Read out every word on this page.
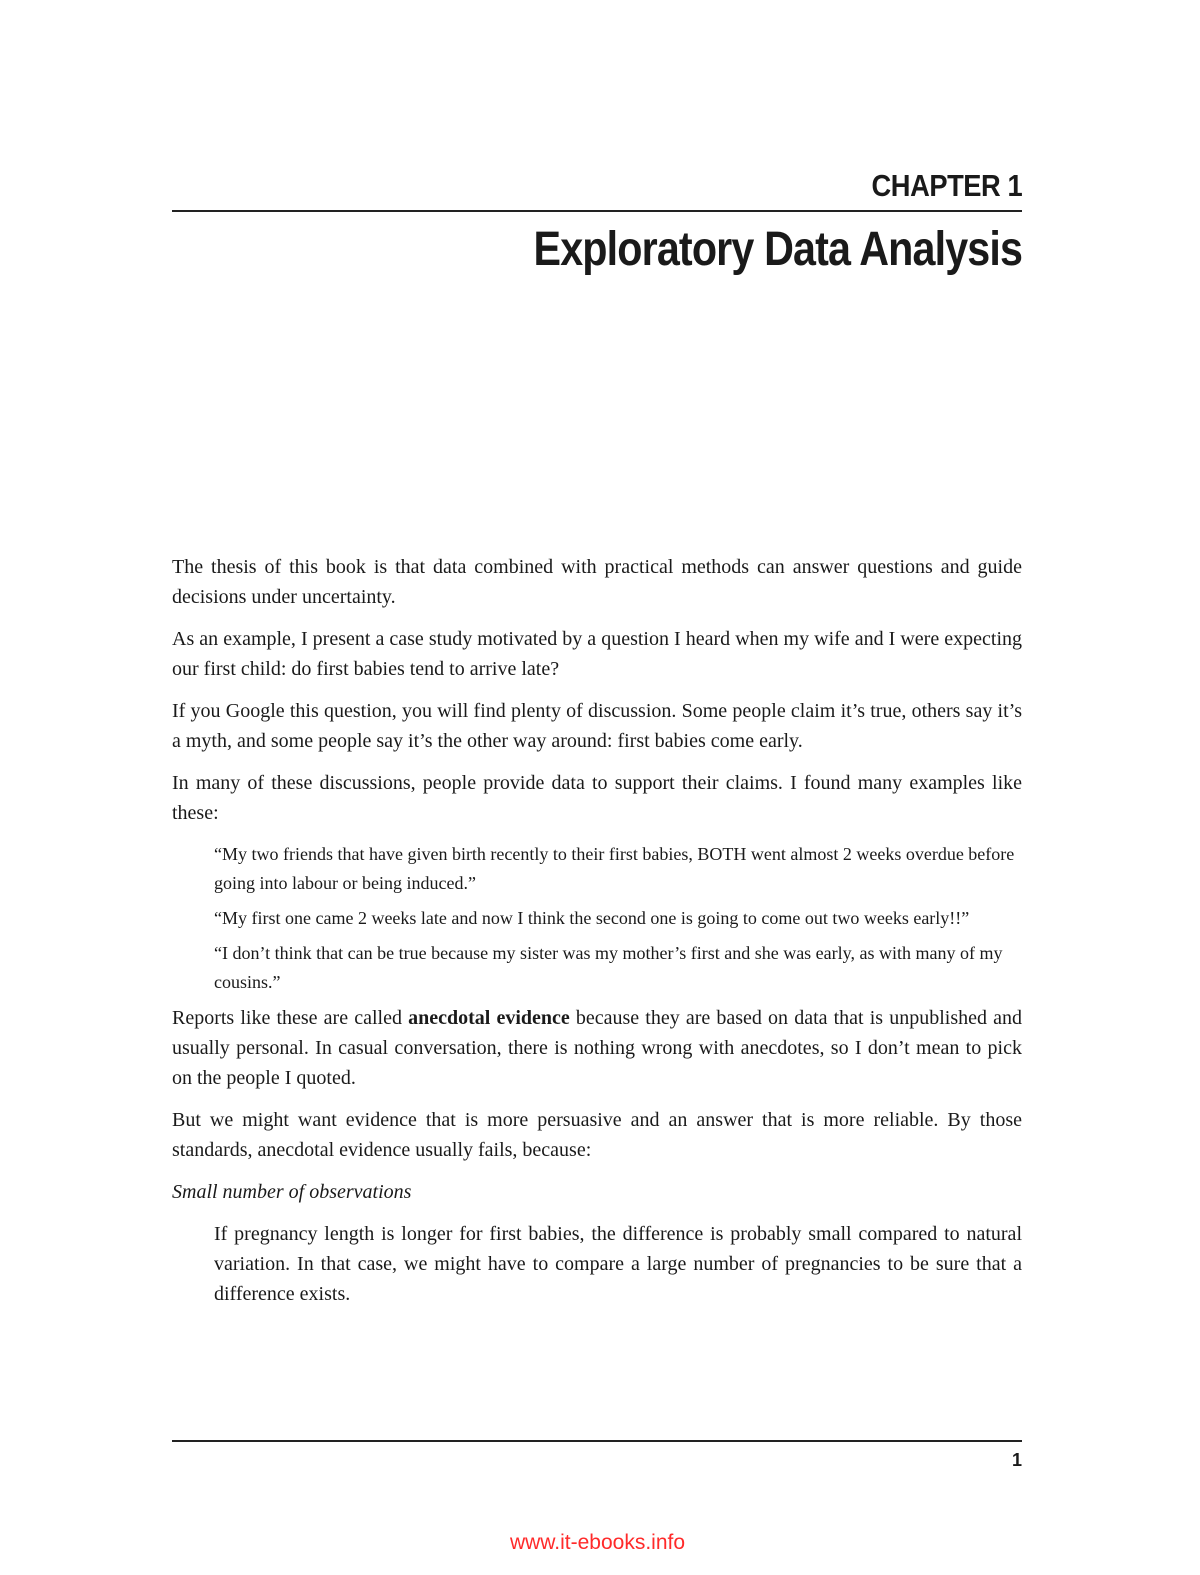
CHAPTER 1
Exploratory Data Analysis

The thesis of this book is that data combined with practical methods can answer questions and guide decisions under uncertainty.

As an example, I present a case study motivated by a question I heard when my wife and I were expecting our first child: do first babies tend to arrive late?

If you Google this question, you will find plenty of discussion. Some people claim it’s true, others say it’s a myth, and some people say it’s the other way around: first babies come early.

In many of these discussions, people provide data to support their claims. I found many examples like these:

“My two friends that have given birth recently to their first babies, BOTH went almost 2 weeks overdue before going into labour or being induced.”

“My first one came 2 weeks late and now I think the second one is going to come out two weeks early!!”

“I don’t think that can be true because my sister was my mother’s first and she was early, as with many of my cousins.”

Reports like these are called anecdotal evidence because they are based on data that is unpublished and usually personal. In casual conversation, there is nothing wrong with anecdotes, so I don’t mean to pick on the people I quoted.

But we might want evidence that is more persuasive and an answer that is more reliable. By those standards, anecdotal evidence usually fails, because:

Small number of observations

If pregnancy length is longer for first babies, the difference is probably small compared to natural variation. In that case, we might have to compare a large number of pregnancies to be sure that a difference exists.

1
www.it-ebooks.info
